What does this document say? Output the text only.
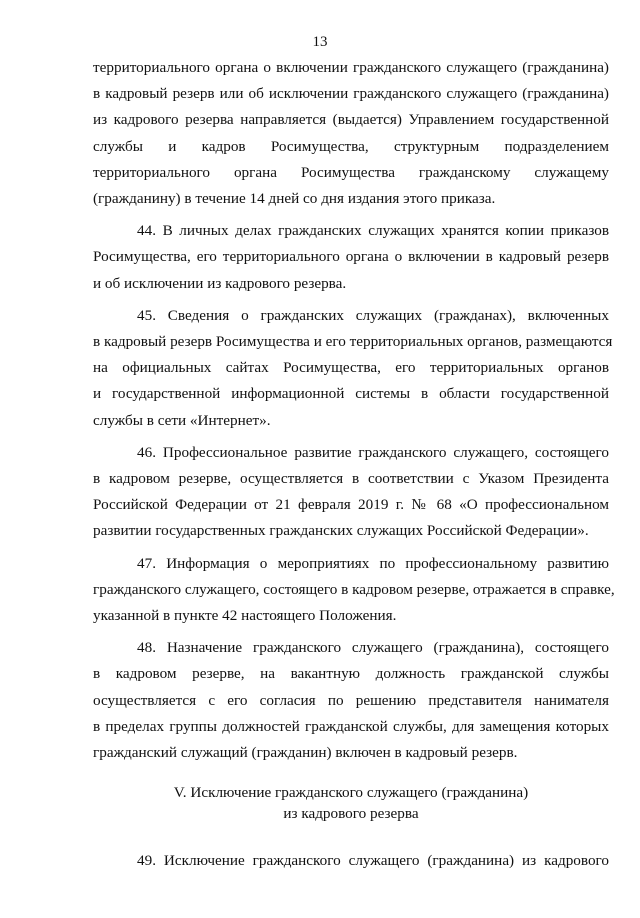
13
территориального органа о включении гражданского служащего (гражданина)
в кадровый резерв или об исключении гражданского служащего (гражданина)
из кадрового резерва направляется (выдается) Управлением государственной
службы и кадров Росимущества, структурным подразделением
территориального органа Росимущества гражданскому служащему
(гражданину) в течение 14 дней со дня издания этого приказа.
44. В личных делах гражданских служащих хранятся копии приказов
Росимущества, его территориального органа о включении в кадровый резерв
и об исключении из кадрового резерва.
45. Сведения о гражданских служащих (гражданах), включенных
в кадровый резерв Росимущества и его территориальных органов, размещаются
на официальных сайтах Росимущества, его территориальных органов
и государственной информационной системы в области государственной
службы в сети «Интернет».
46. Профессиональное развитие гражданского служащего, состоящего
в кадровом резерве, осуществляется в соответствии с Указом Президента
Российской Федерации от 21 февраля 2019 г. № 68 «О профессиональном
развитии государственных гражданских служащих Российской Федерации».
47. Информация о мероприятиях по профессиональному развитию
гражданского служащего, состоящего в кадровом резерве, отражается в справке,
указанной в пункте 42 настоящего Положения.
48. Назначение гражданского служащего (гражданина), состоящего
в кадровом резерве, на вакантную должность гражданской службы
осуществляется с его согласия по решению представителя нанимателя
в пределах группы должностей гражданской службы, для замещения которых
гражданский служащий (гражданин) включен в кадровый резерв.
V. Исключение гражданского служащего (гражданина)
из кадрового резерва
49. Исключение гражданского служащего (гражданина) из кадрового
